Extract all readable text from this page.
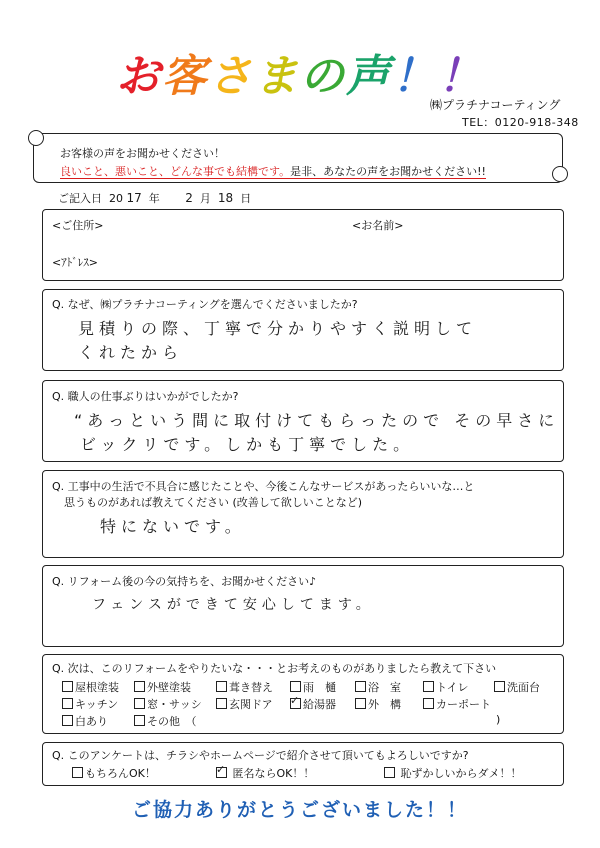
お客さまの声！！
㈱プラチナコーティング
TEL：0120-918-348
お客様の声をお聞かせください！
良いこと、悪いこと、どんな事でも結構です。是非、あなたの声をお聞かせください!!
ご記入日 20 17 年 2 月 18 日
<ご住所>	<お名前>
<ｱﾄﾞﾚｽ>
Q. なぜ、㈱プラチナコーティングを選んでくださいましたか?
見積りの際、丁寧で分かりやすく説明して
くれたから
Q. 職人の仕事ぶりはいかがでしたか?
“あっという間に取付けてもらったので その早さに
ビックリです。しかも丁寧でした。
Q. 工事中の生活で不具合に感じたことや、今後こんなサービスがあったらいいな…と
思うものがあれば教えてください (改善して欲しいことなど)
特にないです。
Q. リフォーム後の今の気持ちを、お聞かせください♪
フェンスができて安心してます。
Q. 次は、このリフォームをやりたいな・・・とお考えのものがありましたら教えて下さい
屋根塗装	外壁塗装	葺き替え	雨　樋	浴　室	トイレ	洗面台
キッチン	窓・サッシ	玄関ドア ✓	給湯器	外　構	カーポート
白あり	その他　（	)
Q. このアンケートは、チラシやホームページで紹介させて頂いてもよろしいですか?
もちろんOK！ ✓	匿名ならOK！！	恥ずかしいからダメ！！
ご協力ありがとうございました！！
